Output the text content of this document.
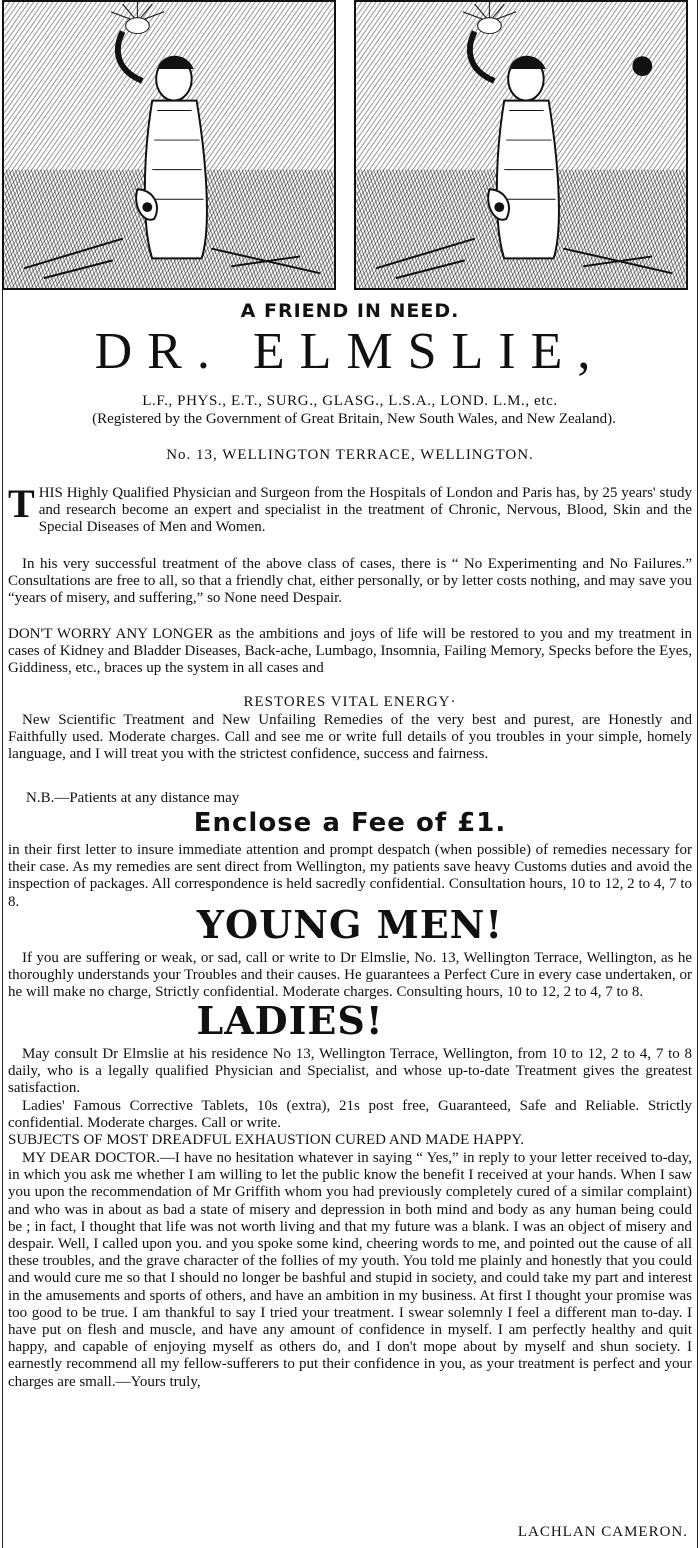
A FRIEND IN NEED.
DR. ELMSLIE,
L.F., PHYS., E.T., SURG., GLASG., L.S.A., LOND. L.M., etc.
(Registered by the Government of Great Britain, New South Wales, and New Zealand).
No. 13, WELLINGTON TERRACE, WELLINGTON.
THIS Highly Qualified Physician and Surgeon from the Hospitals of London and Paris has, by 25 years' study and research become an expert and specialist in the treatment of Chronic, Nervous, Blood, Skin and the Special Diseases of Men and Women.
In his very successful treatment of the above class of cases, there is “ No Experimenting and No Failures.” Consultations are free to all, so that a friendly chat, either personally, or by letter costs nothing, and may save you “years of misery, and suffering,” so None need Despair.
DON'T WORRY ANY LONGER as the ambitions and joys of life will be restored to you and my treatment in cases of Kidney and Bladder Diseases, Back-ache, Lumbago, Insomnia, Failing Memory, Specks before the Eyes, Giddiness, etc., braces up the system in all cases and
RESTORES VITAL ENERGY·
New Scientific Treatment and New Unfailing Remedies of the very best and purest, are Honestly and Faithfully used. Moderate charges. Call and see me or write full details of you troubles in your simple, homely language, and I will treat you with the strictest confidence, success and fairness.
N.B.—Patients at any distance may
Enclose a Fee of £1.
in their first letter to insure immediate attention and prompt despatch (when possible) of remedies necessary for their case. As my remedies are sent direct from Wellington, my patients save heavy Customs duties and avoid the inspection of packages. All correspondence is held sacredly confidential. Consultation hours, 10 to 12, 2 to 4, 7 to 8.
YOUNG MEN!
If you are suffering or weak, or sad, call or write to Dr Elmslie, No. 13, Wellington Terrace, Wellington, as he thoroughly understands your Troubles and their causes. He guarantees a Perfect Cure in every case undertaken, or he will make no charge, Strictly confidential. Moderate charges. Consulting hours, 10 to 12, 2 to 4, 7 to 8.
LADIES!
May consult Dr Elmslie at his residence No 13, Wellington Terrace, Wellington, from 10 to 12, 2 to 4, 7 to 8 daily, who is a legally qualified Physician and Specialist, and whose up-to-date Treatment gives the greatest satisfaction.
Ladies' Famous Corrective Tablets, 10s (extra), 21s post free, Guaranteed, Safe and Reliable. Strictly confidential. Moderate charges. Call or write.
SUBJECTS OF MOST DREADFUL EXHAUSTION CURED AND MADE HAPPY.
MY DEAR DOCTOR.—I have no hesitation whatever in saying “ Yes,” in reply to your letter received to-day, in which you ask me whether I am willing to let the public know the benefit I received at your hands. When I saw you upon the recommendation of Mr Griffith whom you had previously completely cured of a similar complaint) and who was in about as bad a state of misery and depression in both mind and body as any human being could be ; in fact, I thought that life was not worth living and that my future was a blank. I was an object of misery and despair. Well, I called upon you. and you spoke some kind, cheering words to me, and pointed out the cause of all these troubles, and the grave character of the follies of my youth. You told me plainly and honestly that you could and would cure me so that I should no longer be bashful and stupid in society, and could take my part and interest in the amusements and sports of others, and have an ambition in my business. At first I thought your promise was too good to be true. I am thankful to say I tried your treatment. I swear solemnly I feel a different man to-day. I have put on flesh and muscle, and have any amount of confidence in myself. I am perfectly healthy and quit happy, and capable of enjoying myself as others do, and I don't mope about by myself and shun society. I earnestly recommend all my fellow-sufferers to put their confidence in you, as your treatment is perfect and your charges are small.—Yours truly,
LACHLAN CAMERON.
